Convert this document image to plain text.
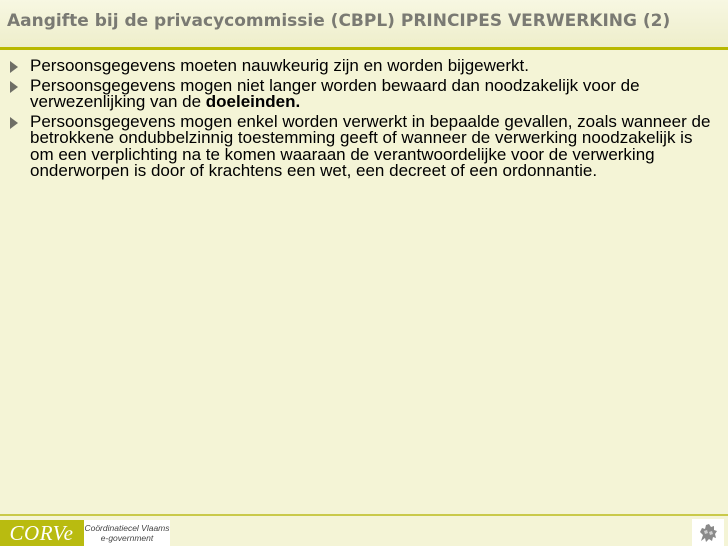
Aangifte bij de privacycommissie (CBPL) PRINCIPES VERWERKING (2)
Persoonsgegevens moeten nauwkeurig zijn en worden bijgewerkt.
Persoonsgegevens mogen niet langer worden bewaard dan noodzakelijk voor de verwezenlijking van de doeleinden.
Persoonsgegevens mogen enkel worden verwerkt in bepaalde gevallen, zoals wanneer de betrokkene ondubbelzinnig toestemming geeft of wanneer de verwerking noodzakelijk is om een verplichting na te komen waaraan de verantwoordelijke voor de verwerking onderworpen is door of krachtens een wet, een decreet of een ordonnantie.
CORVe Coördinatiecel Vlaams
e-government
